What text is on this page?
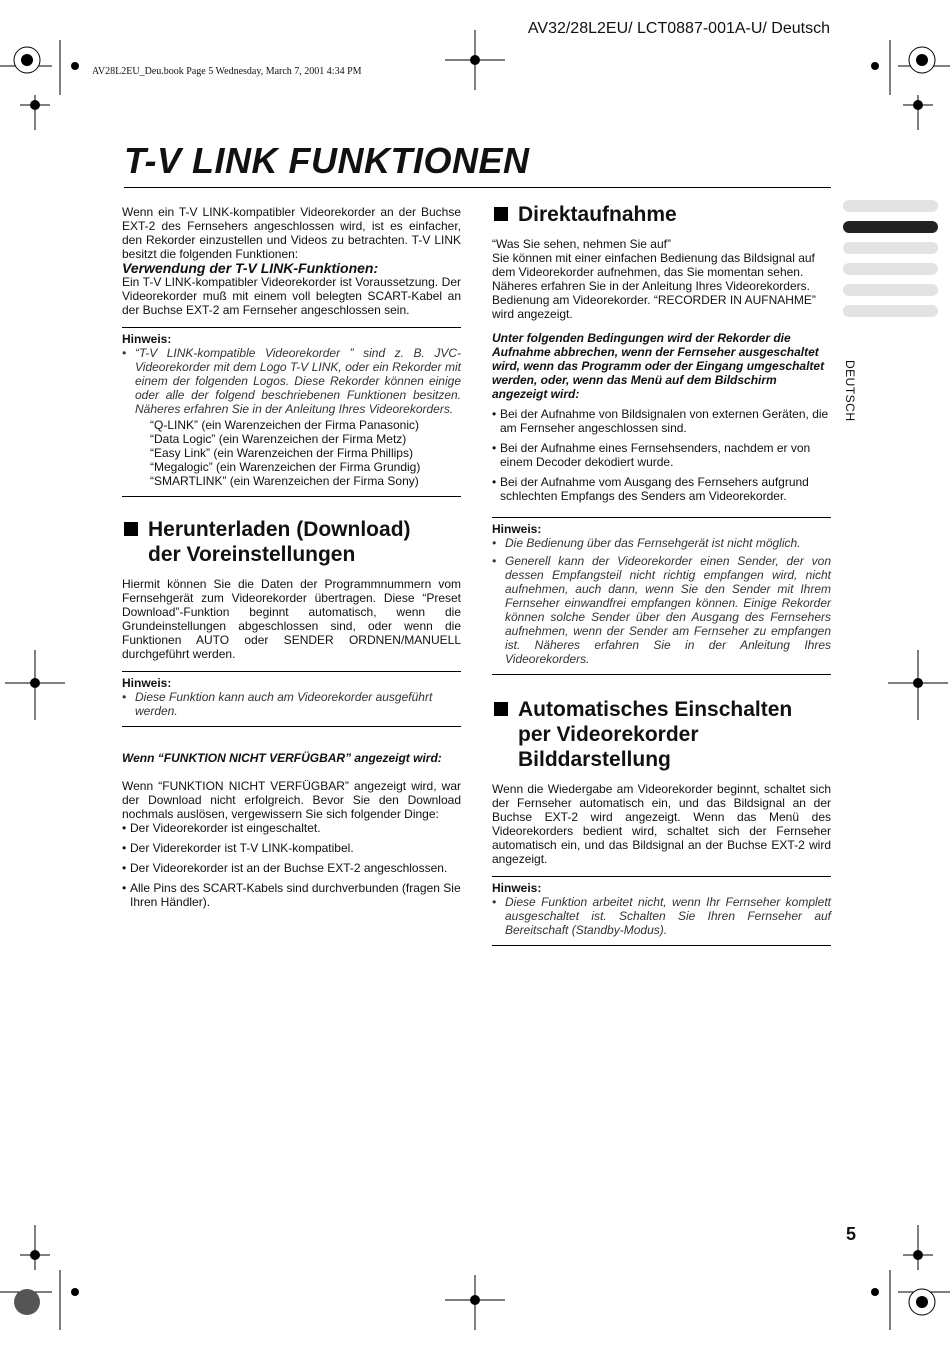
AV32/28L2EU/ LCT0887-001A-U/ Deutsch
AV28L2EU_Deu.book Page 5 Wednesday, March 7, 2001 4:34 PM
T-V LINK FUNKTIONEN
DEUTSCH

Wenn ein T-V LINK-kompatibler Videorekorder an der Buchse EXT-2 des Fernsehers angeschlossen wird, ist es einfacher, den Rekorder einzustellen und Videos zu betrachten. T-V LINK besitzt die folgenden Funktionen:

Verwendung der T-V LINK-Funktionen:

Ein T-V LINK-kompatibler Videorekorder ist Voraussetzung. Der Videorekorder muß mit einem voll belegten SCART-Kabel an der Buchse EXT-2 am Fernseher angeschlossen sein.

Hinweis:
• “T-V LINK-kompatible Videorekorder ” sind z. B. JVC-Videorekorder mit dem Logo T-V LINK, oder ein Rekorder mit einem der folgenden Logos. Diese Rekorder können einige oder alle der folgend beschriebenen Funktionen besitzen. Näheres erfahren Sie in der Anleitung Ihres Videorekorders.
“Q-LINK” (ein Warenzeichen der Firma Panasonic)
“Data Logic” (ein Warenzeichen der Firma Metz)
“Easy Link” (ein Warenzeichen der Firma Phillips)
“Megalogic” (ein Warenzeichen der Firma Grundig)
“SMARTLINK” (ein Warenzeichen der Firma Sony)
Herunterladen (Download)
der Voreinstellungen

Hiermit können Sie die Daten der Programmnummern vom Fernsehgerät zum Videorekorder übertragen. Diese “Preset Download”-Funktion beginnt automatisch, wenn die Grundeinstellungen abgeschlossen sind, oder wenn die Funktionen AUTO oder SENDER ORDNEN/MANUELL durchgeführt werden.

Hinweis:
• Diese Funktion kann auch am Videorekorder ausgeführt werden.

Wenn “FUNKTION NICHT VERFÜGBAR” angezeigt wird:

Wenn “FUNKTION NICHT VERFÜGBAR” angezeigt wird, war der Download nicht erfolgreich. Bevor Sie den Download nochmals auslösen, vergewissern Sie sich folgender Dinge:

• Der Videorekorder ist eingeschaltet.
• Der Viderekorder ist T-V LINK-kompatibel.
• Der Videorekorder ist an der Buchse EXT-2 angeschlossen.
• Alle Pins des SCART-Kabels sind durchverbunden (fragen Sie Ihren Händler).
Direktaufnahme

“Was Sie sehen, nehmen Sie auf”

Sie können mit einer einfachen Bedienung das Bildsignal auf dem Videorekorder aufnehmen, das Sie momentan sehen. Näheres erfahren Sie in der Anleitung Ihres Videorekorders. Bedienung am Videorekorder. “RECORDER IN AUFNAHME” wird angezeigt.

Unter folgenden Bedingungen wird der Rekorder die Aufnahme abbrechen, wenn der Fernseher ausgeschaltet wird, wenn das Programm oder der Eingang umgeschaltet werden, oder, wenn das Menü auf dem Bildschirm angezeigt wird:

• Bei der Aufnahme von Bildsignalen von externen Geräten, die am Fernseher angeschlossen sind.
• Bei der Aufnahme eines Fernsehsenders, nachdem er von einem Decoder dekodiert wurde.
• Bei der Aufnahme vom Ausgang des Fernsehers aufgrund schlechten Empfangs des Senders am Videorekorder.
Hinweis:
• Die Bedienung über das Fernsehgerät ist nicht möglich.
• Generell kann der Videorekorder einen Sender, der von dessen Empfangsteil nicht richtig empfangen wird, nicht aufnehmen, auch dann, wenn Sie den Sender mit Ihrem Fernseher einwandfrei empfangen können. Einige Rekorder können solche Sender über den Ausgang des Fernsehers aufnehmen, wenn der Sender am Fernseher zu empfangen ist. Näheres erfahren Sie in der Anleitung Ihres Videorekorders.
Automatisches Einschalten
per Videorekorder
Bilddarstellung

Wenn die Wiedergabe am Videorekorder beginnt, schaltet sich der Fernseher automatisch ein, und das Bildsignal an der Buchse EXT-2 wird angezeigt. Wenn das Menü des Videorekorders bedient wird, schaltet sich der Fernseher automatisch ein, und das Bildsignal an der Buchse EXT-2 wird angezeigt.

Hinweis:
• Diese Funktion arbeitet nicht, wenn Ihr Fernseher komplett ausgeschaltet ist. Schalten Sie Ihren Fernseher auf Bereitschaft (Standby-Modus).
5
